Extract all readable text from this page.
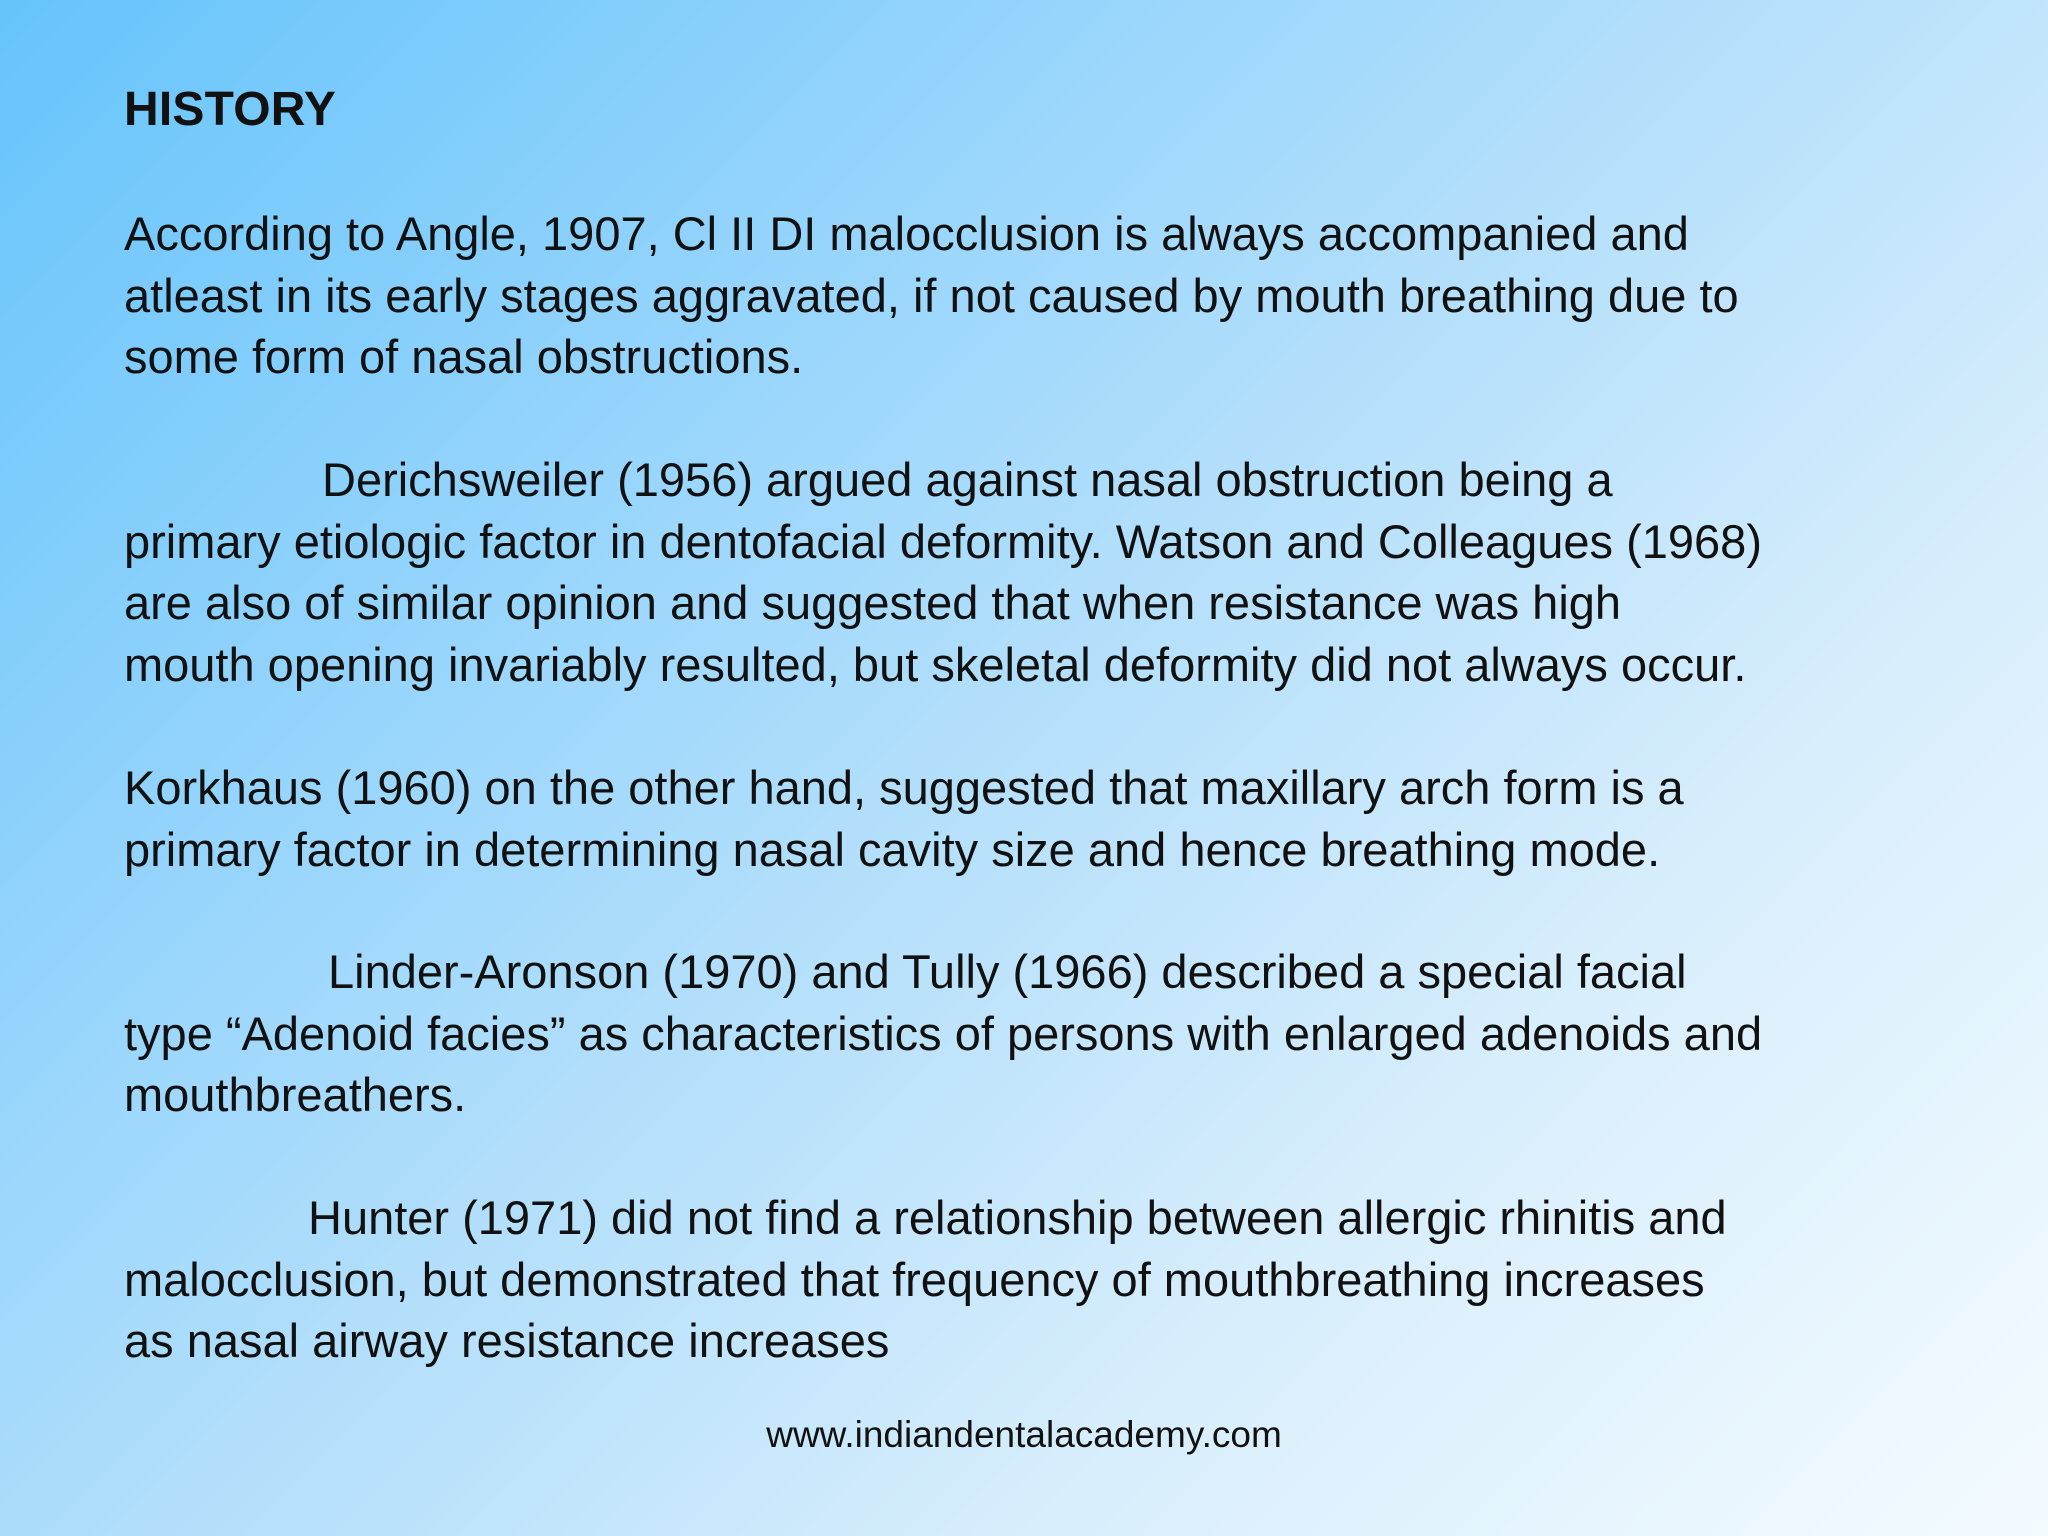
HISTORY

According to Angle, 1907, Cl II DI malocclusion is always accompanied and
atleast in its early stages aggravated, if not caused by mouth breathing due to
some form of nasal obstructions.

Derichsweiler (1956) argued against nasal obstruction being a
primary etiologic factor in dentofacial deformity. Watson and Colleagues (1968)
are also of similar opinion and suggested that when resistance was high
mouth opening invariably resulted, but skeletal deformity did not always occur.

Korkhaus (1960) on the other hand, suggested that maxillary arch form is a
primary factor in determining nasal cavity size and hence breathing mode.

Linder-Aronson (1970) and Tully (1966) described a special facial
type “Adenoid facies” as characteristics of persons with enlarged adenoids and
mouthbreathers.

Hunter (1971) did not find a relationship between allergic rhinitis and
malocclusion, but demonstrated that frequency of mouthbreathing increases
as nasal airway resistance increases

www.indiandentalacademy.com
